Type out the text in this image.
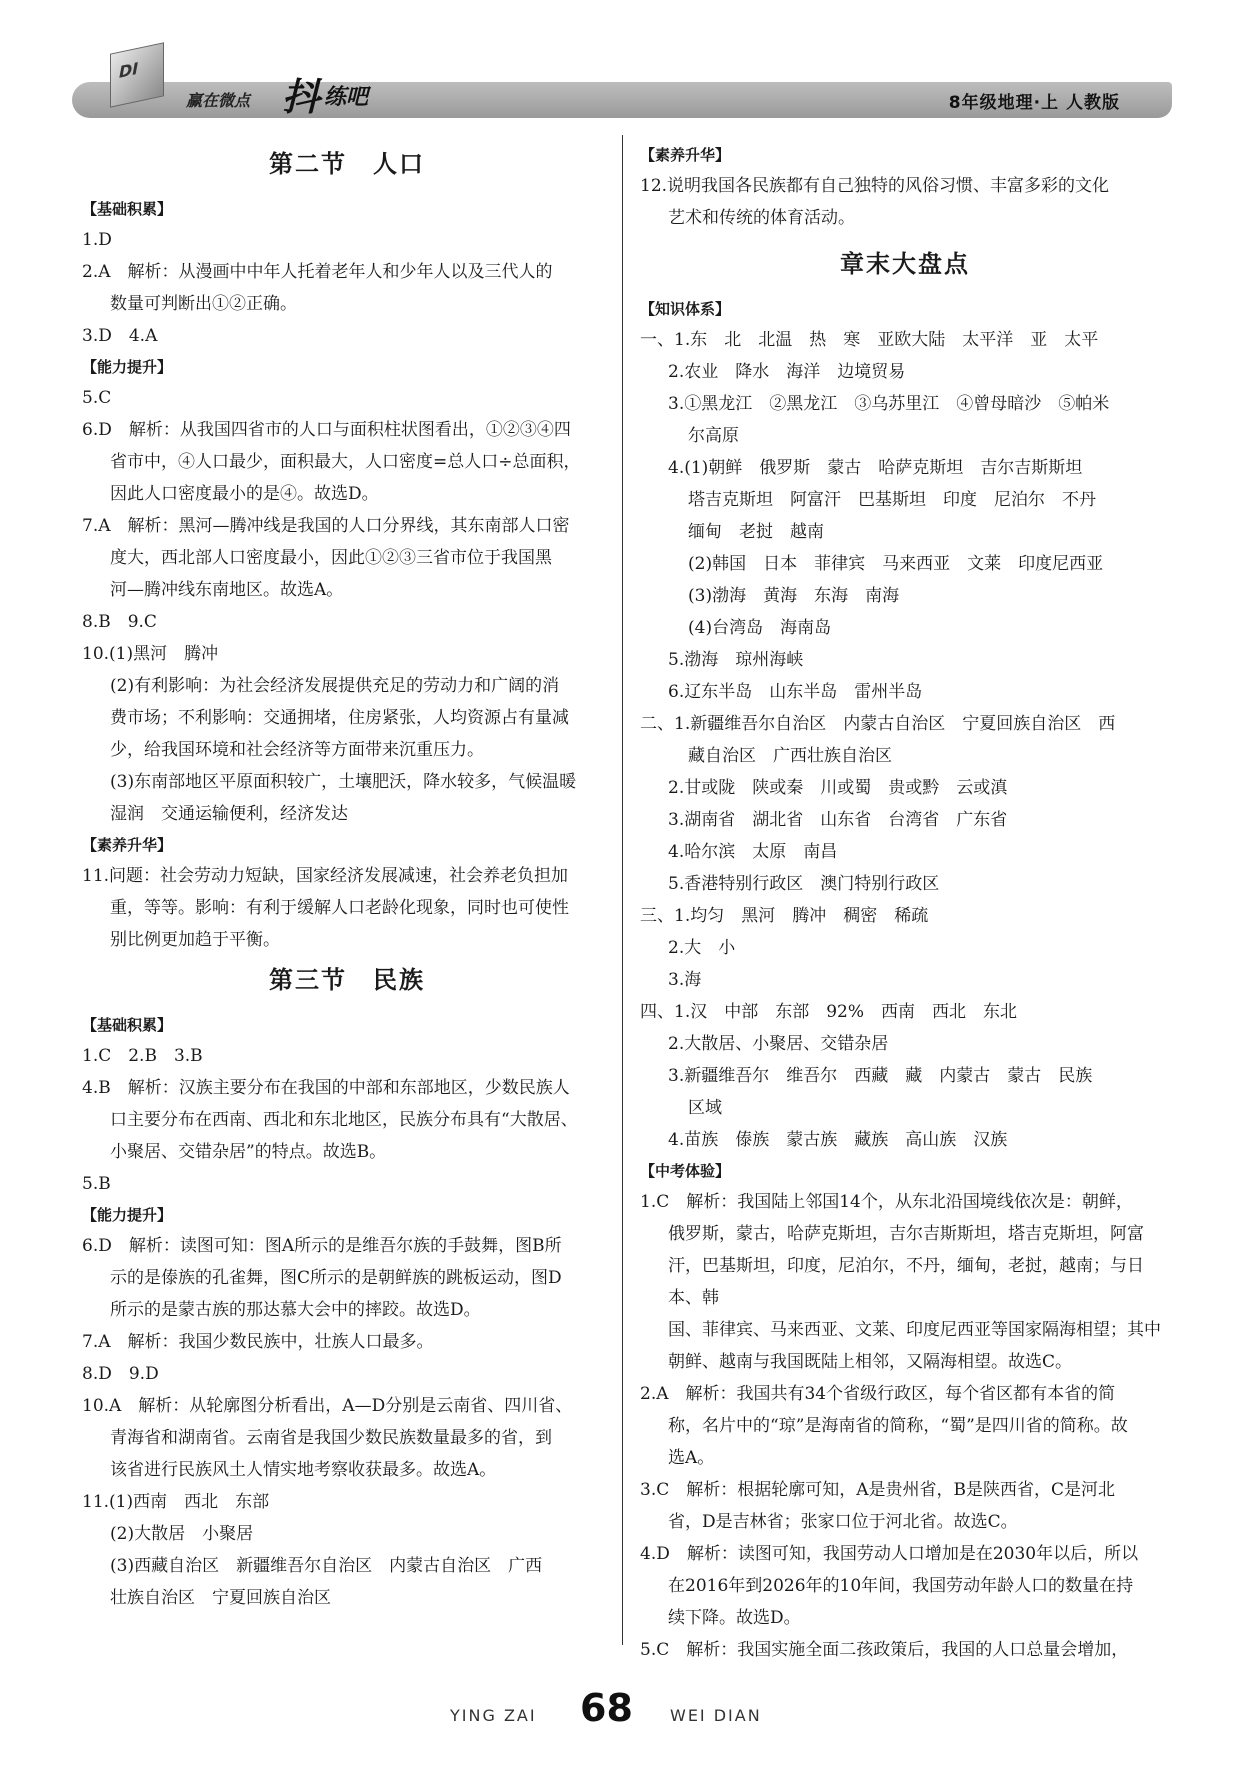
DI
赢在微点 抖 练吧	8年级地理·上 人教版
第二节　人口
【基础积累】

1.D

2.A　解析：从漫画中中年人托着老年人和少年人以及三代人的

数量可判断出①②正确。

3.D　4.A

【能力提升】

5.C

6.D　解析：从我国四省市的人口与面积柱状图看出，①②③④四

省市中，④人口最少，面积最大，人口密度=总人口÷总面积，

因此人口密度最小的是④。故选D。

7.A　解析：黑河—腾冲线是我国的人口分界线，其东南部人口密

度大，西北部人口密度最小，因此①②③三省市位于我国黑

河—腾冲线东南地区。故选A。

8.B　9.C

10.(1)黑河　腾冲

(2)有利影响：为社会经济发展提供充足的劳动力和广阔的消

费市场；不利影响：交通拥堵，住房紧张，人均资源占有量减

少，给我国环境和社会经济等方面带来沉重压力。

(3)东南部地区平原面积较广，土壤肥沃，降水较多，气候温暖

湿润　交通运输便利，经济发达

【素养升华】

11.问题：社会劳动力短缺，国家经济发展减速，社会养老负担加

重，等等。影响：有利于缓解人口老龄化现象，同时也可使性

别比例更加趋于平衡。

第三节　民族
【基础积累】

1.C　2.B　3.B

4.B　解析：汉族主要分布在我国的中部和东部地区，少数民族人

口主要分布在西南、西北和东北地区，民族分布具有“大散居、

小聚居、交错杂居”的特点。故选B。

5.B

【能力提升】

6.D　解析：读图可知：图A所示的是维吾尔族的手鼓舞，图B所

示的是傣族的孔雀舞，图C所示的是朝鲜族的跳板运动，图D

所示的是蒙古族的那达慕大会中的摔跤。故选D。

7.A　解析：我国少数民族中，壮族人口最多。

8.D　9.D

10.A　解析：从轮廓图分析看出，A—D分别是云南省、四川省、

青海省和湖南省。云南省是我国少数民族数量最多的省，到

该省进行民族风土人情实地考察收获最多。故选A。

11.(1)西南　西北　东部

(2)大散居　小聚居

(3)西藏自治区　新疆维吾尔自治区　内蒙古自治区　广西

壮族自治区　宁夏回族自治区

【素养升华】

12.说明我国各民族都有自己独特的风俗习惯、丰富多彩的文化

艺术和传统的体育活动。

章末大盘点
【知识体系】

一、1.东　北　北温　热　寒　亚欧大陆　太平洋　亚　太平

2.农业　降水　海洋　边境贸易

3.①黑龙江　②黑龙江　③乌苏里江　④曾母暗沙　⑤帕米

尔高原

4.(1)朝鲜　俄罗斯　蒙古　哈萨克斯坦　吉尔吉斯斯坦

塔吉克斯坦　阿富汗　巴基斯坦　印度　尼泊尔　不丹

缅甸　老挝　越南

(2)韩国　日本　菲律宾　马来西亚　文莱　印度尼西亚

(3)渤海　黄海　东海　南海

(4)台湾岛　海南岛

5.渤海　琼州海峡

6.辽东半岛　山东半岛　雷州半岛

二、1.新疆维吾尔自治区　内蒙古自治区　宁夏回族自治区　西

藏自治区　广西壮族自治区

2.甘或陇　陕或秦　川或蜀　贵或黔　云或滇

3.湖南省　湖北省　山东省　台湾省　广东省

4.哈尔滨　太原　南昌

5.香港特别行政区　澳门特别行政区

三、1.均匀　黑河　腾冲　稠密　稀疏

2.大　小

3.海

四、1.汉　中部　东部　92%　西南　西北　东北

2.大散居、小聚居、交错杂居

3.新疆维吾尔　维吾尔　西藏　藏　内蒙古　蒙古　民族

区域

4.苗族　傣族　蒙古族　藏族　高山族　汉族

【中考体验】

1.C　解析：我国陆上邻国14个，从东北沿国境线依次是：朝鲜，

俄罗斯，蒙古，哈萨克斯坦，吉尔吉斯斯坦，塔吉克斯坦，阿富

汗，巴基斯坦，印度，尼泊尔，不丹，缅甸，老挝，越南；与日本、韩

国、菲律宾、马来西亚、文莱、印度尼西亚等国家隔海相望；其中

朝鲜、越南与我国既陆上相邻，又隔海相望。故选C。

2.A　解析：我国共有34个省级行政区，每个省区都有本省的简

称，名片中的“琼”是海南省的简称，“蜀”是四川省的简称。故

选A。

3.C　解析：根据轮廓可知，A是贵州省，B是陕西省，C是河北

省，D是吉林省；张家口位于河北省。故选C。

4.D　解析：读图可知，我国劳动人口增加是在2030年以后，所以

在2016年到2026年的10年间，我国劳动年龄人口的数量在持

续下降。故选D。

5.C　解析：我国实施全面二孩政策后，我国的人口总量会增加，

YING ZAI 68 WEI DIAN
